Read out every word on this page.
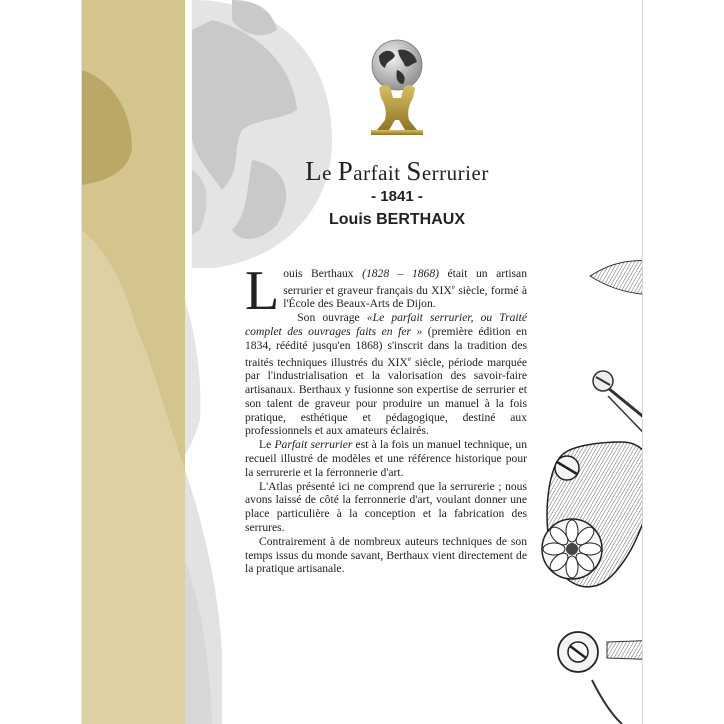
Le Parfait Serrurier
- 1841 -
Louis BERTHAUX

Louis Berthaux (1828 – 1868) était un artisan serrurier et graveur français du XIXe siècle, formé à l'École des Beaux-Arts de Dijon.

Son ouvrage «Le parfait serrurier, ou Traité complet des ouvrages faits en fer » (première édition en 1834, réédité jusqu'en 1868) s'inscrit dans la tradition des traités techniques illustrés du XIXe siècle, période marquée par l'industrialisation et la valorisation des savoir-faire artisanaux. Berthaux y fusionne son expertise de serrurier et son talent de graveur pour produire un manuel à la fois pratique, esthétique et pédagogique, destiné aux professionnels et aux amateurs éclairés.

Le Parfait serrurier est à la fois un manuel technique, un recueil illustré de modèles et une référence historique pour la serrurerie et la ferronnerie d'art.

L'Atlas présenté ici ne comprend que la serrurerie ; nous avons laissé de côté la ferronnerie d'art, voulant donner une place particulière à la conception et la fabrication des serrures.

Contrairement à de nombreux auteurs techniques de son temps issus du monde savant, Berthaux vient directement de la pratique artisanale.
